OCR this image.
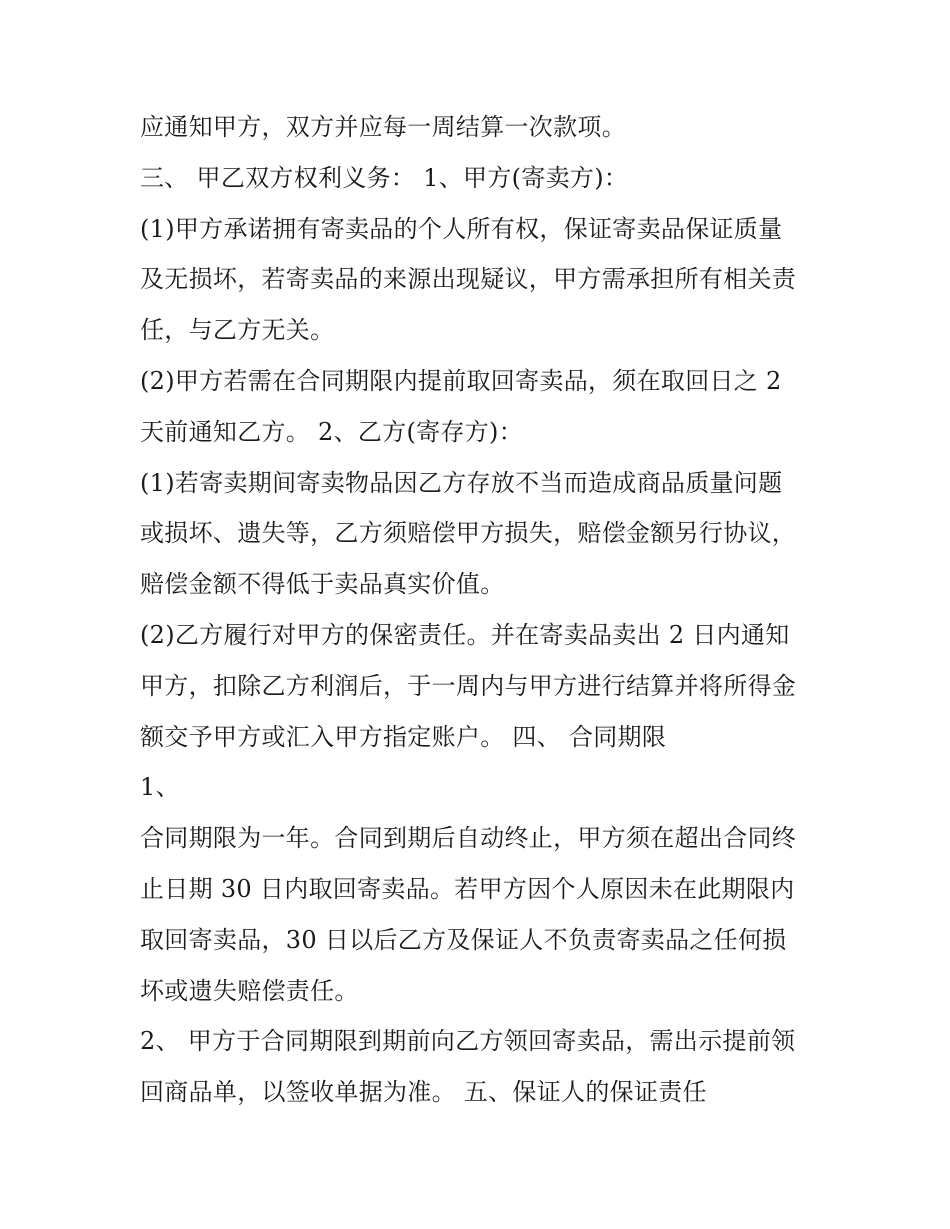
应通知甲方，双方并应每一周结算一次款项。
三、 甲乙双方权利义务： 1、甲方(寄卖方)：
(1)甲方承诺拥有寄卖品的个人所有权，保证寄卖品保证质量
及无损坏，若寄卖品的来源出现疑议，甲方需承担所有相关责
任，与乙方无关。
(2)甲方若需在合同期限内提前取回寄卖品，须在取回日之 2
天前通知乙方。 2、乙方(寄存方)：
(1)若寄卖期间寄卖物品因乙方存放不当而造成商品质量问题
或损坏、遗失等，乙方须赔偿甲方损失，赔偿金额另行协议，
赔偿金额不得低于卖品真实价值。
(2)乙方履行对甲方的保密责任。并在寄卖品卖出 2 日内通知
甲方，扣除乙方利润后，于一周内与甲方进行结算并将所得金
额交予甲方或汇入甲方指定账户。 四、 合同期限
1、
合同期限为一年。合同到期后自动终止，甲方须在超出合同终
止日期 30 日内取回寄卖品。若甲方因个人原因未在此期限内
取回寄卖品，30 日以后乙方及保证人不负责寄卖品之任何损
坏或遗失赔偿责任。
2、 甲方于合同期限到期前向乙方领回寄卖品，需出示提前领
回商品单，以签收单据为准。 五、保证人的保证责任
